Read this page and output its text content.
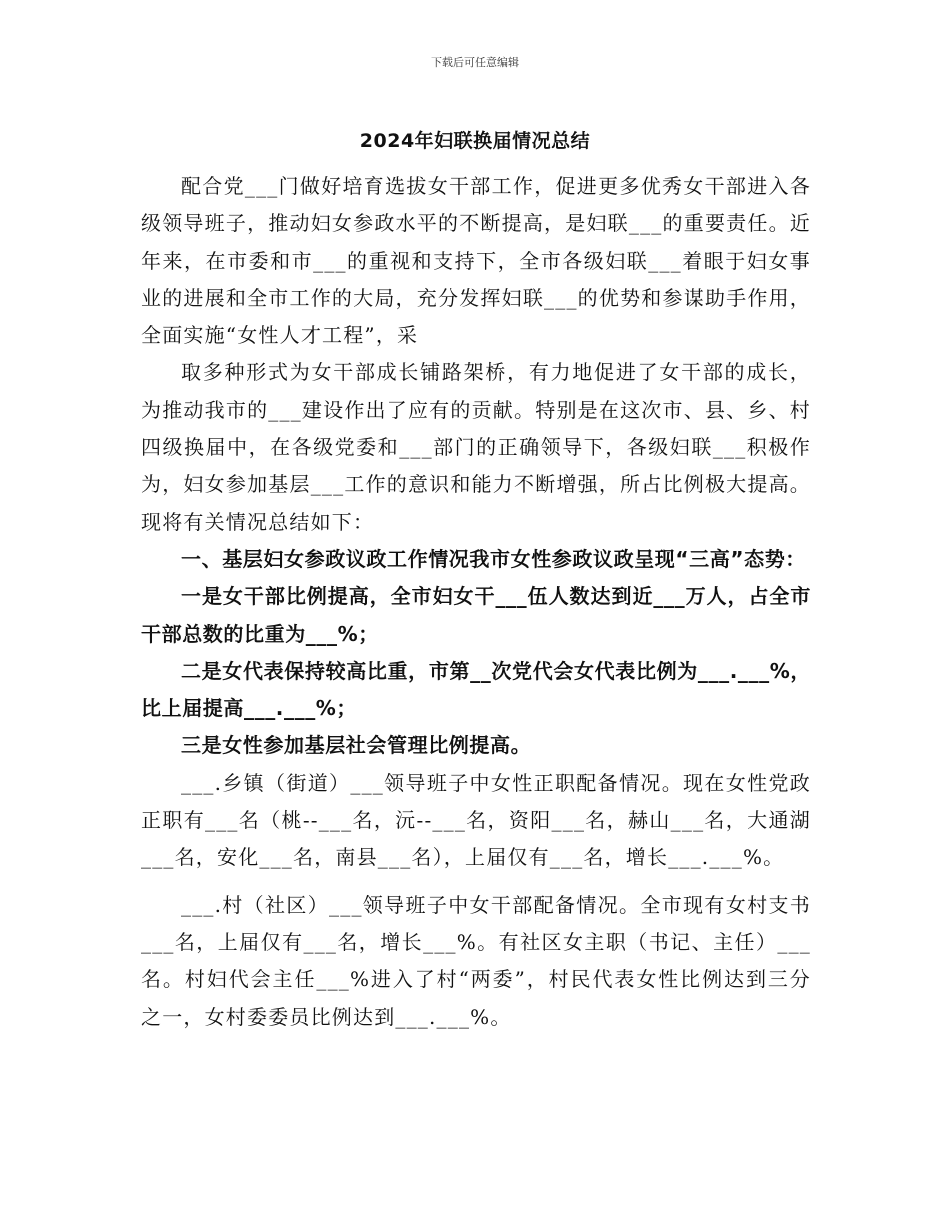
下载后可任意编辑
2024年妇联换届情况总结

配合党___门做好培育选拔女干部工作，促进更多优秀女干部进入各级领导班子，推动妇女参政水平的不断提高，是妇联___的重要责任。近年来，在市委和市___的重视和支持下，全市各级妇联___着眼于妇女事业的进展和全市工作的大局，充分发挥妇联___的优势和参谋助手作用，全面实施“女性人才工程”，采

取多种形式为女干部成长铺路架桥，有力地促进了女干部的成长，为推动我市的___建设作出了应有的贡献。特别是在这次市、县、乡、村四级换届中，在各级党委和___部门的正确领导下，各级妇联___积极作为，妇女参加基层___工作的意识和能力不断增强，所占比例极大提高。现将有关情况总结如下：

一、基层妇女参政议政工作情况我市女性参政议政呈现“三高”态势：

一是女干部比例提高，全市妇女干___伍人数达到近___万人，占全市干部总数的比重为___%；

二是女代表保持较高比重，市第__次党代会女代表比例为___.___%，比上届提高___.___%；

三是女性参加基层社会管理比例提高。

___.乡镇（街道）___领导班子中女性正职配备情况。现在女性党政正职有___名（桃--___名，沅--___名，资阳___名，赫山___名，大通湖___名，安化___名，南县___名），上届仅有___名，增长___.___%。

___.村（社区）___领导班子中女干部配备情况。全市现有女村支书___名，上届仅有___名，增长___%。有社区女主职（书记、主任）___名。村妇代会主任___%进入了村“两委”，村民代表女性比例达到三分之一，女村委委员比例达到___.___%。
